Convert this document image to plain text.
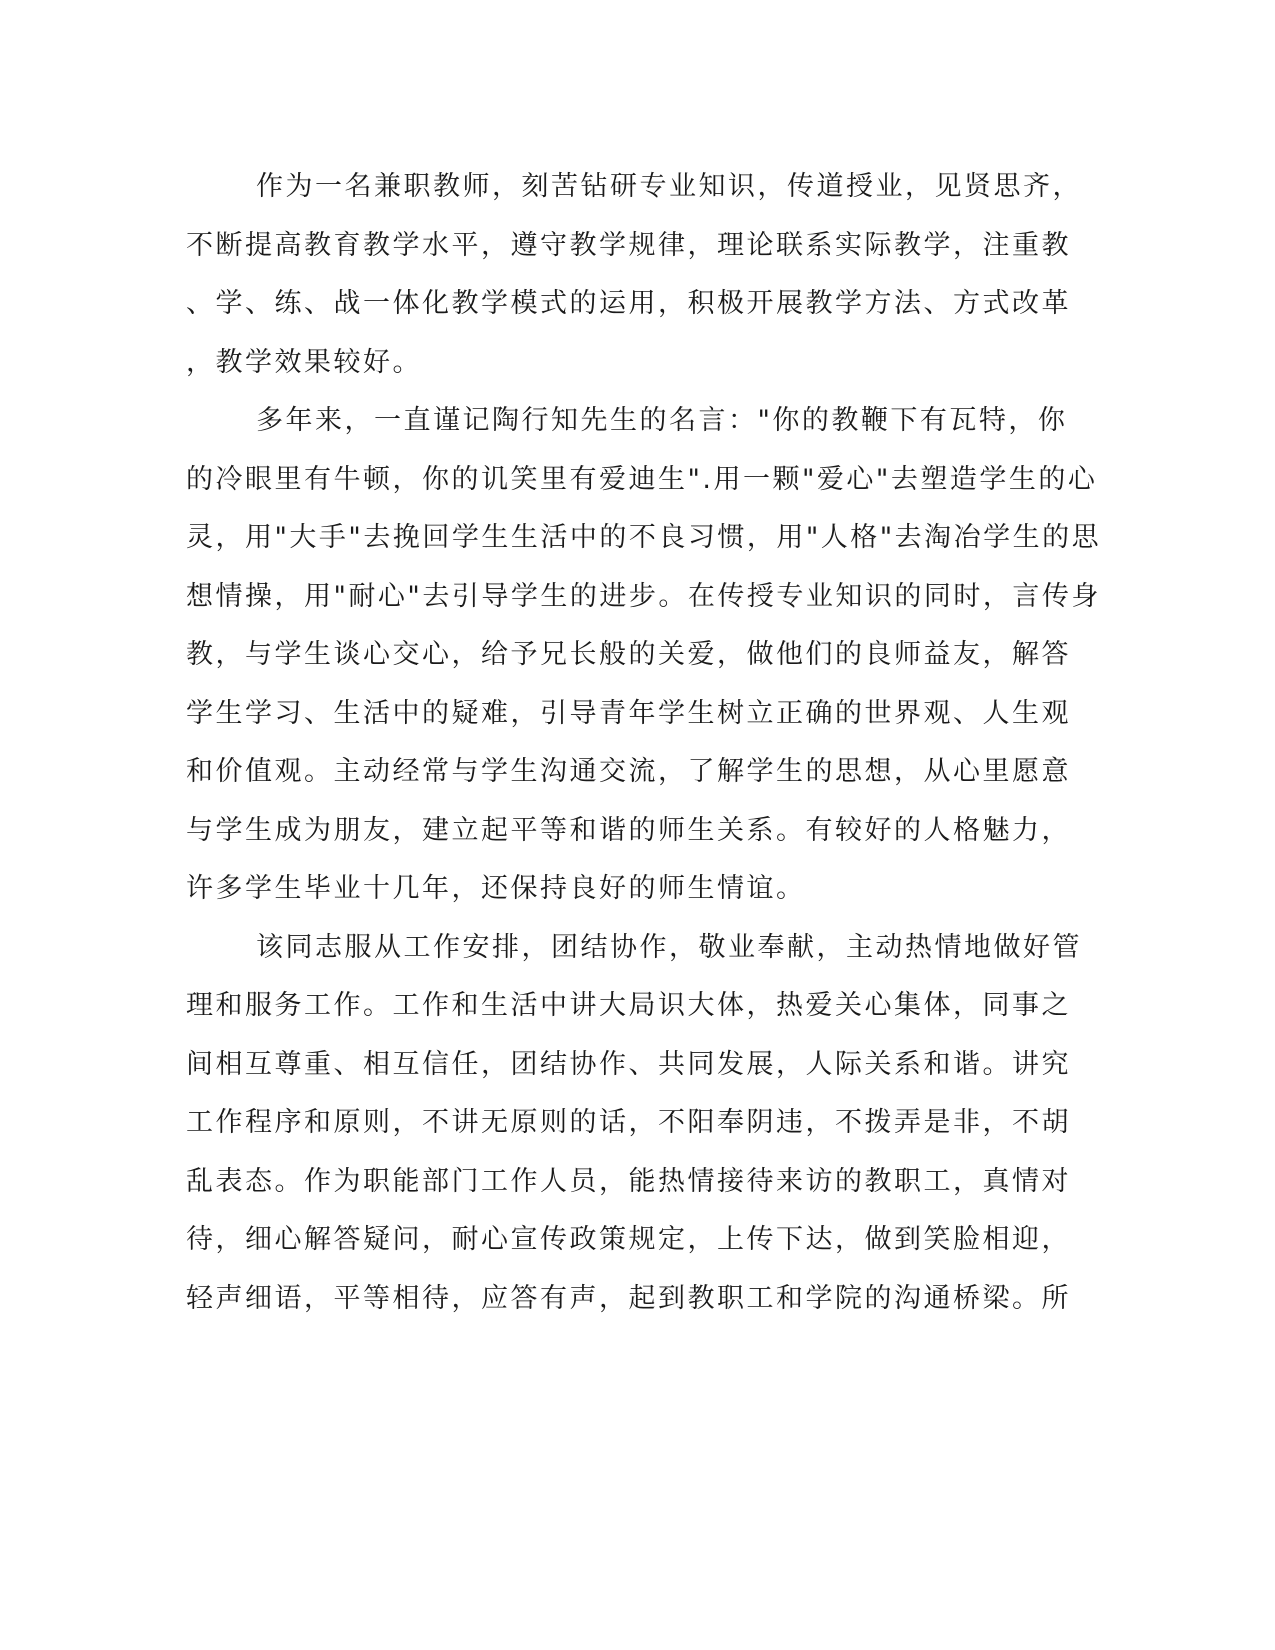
作为一名兼职教师，刻苦钻研专业知识，传道授业，见贤思齐，
不断提高教育教学水平，遵守教学规律，理论联系实际教学，注重教
、学、练、战一体化教学模式的运用，积极开展教学方法、方式改革
，教学效果较好。
多年来，一直谨记陶行知先生的名言："你的教鞭下有瓦特，你
的冷眼里有牛顿，你的讥笑里有爱迪生".用一颗"爱心"去塑造学生的心
灵，用"大手"去挽回学生生活中的不良习惯，用"人格"去淘冶学生的思
想情操，用"耐心"去引导学生的进步。在传授专业知识的同时，言传身
教，与学生谈心交心，给予兄长般的关爱，做他们的良师益友，解答
学生学习、生活中的疑难，引导青年学生树立正确的世界观、人生观
和价值观。主动经常与学生沟通交流，了解学生的思想，从心里愿意
与学生成为朋友，建立起平等和谐的师生关系。有较好的人格魅力，
许多学生毕业十几年，还保持良好的师生情谊。
该同志服从工作安排，团结协作，敬业奉献，主动热情地做好管
理和服务工作。工作和生活中讲大局识大体，热爱关心集体，同事之
间相互尊重、相互信任，团结协作、共同发展，人际关系和谐。讲究
工作程序和原则，不讲无原则的话，不阳奉阴违，不拨弄是非，不胡
乱表态。作为职能部门工作人员，能热情接待来访的教职工，真情对
待，细心解答疑问，耐心宣传政策规定，上传下达，做到笑脸相迎，
轻声细语，平等相待，应答有声，起到教职工和学院的沟通桥梁。所
